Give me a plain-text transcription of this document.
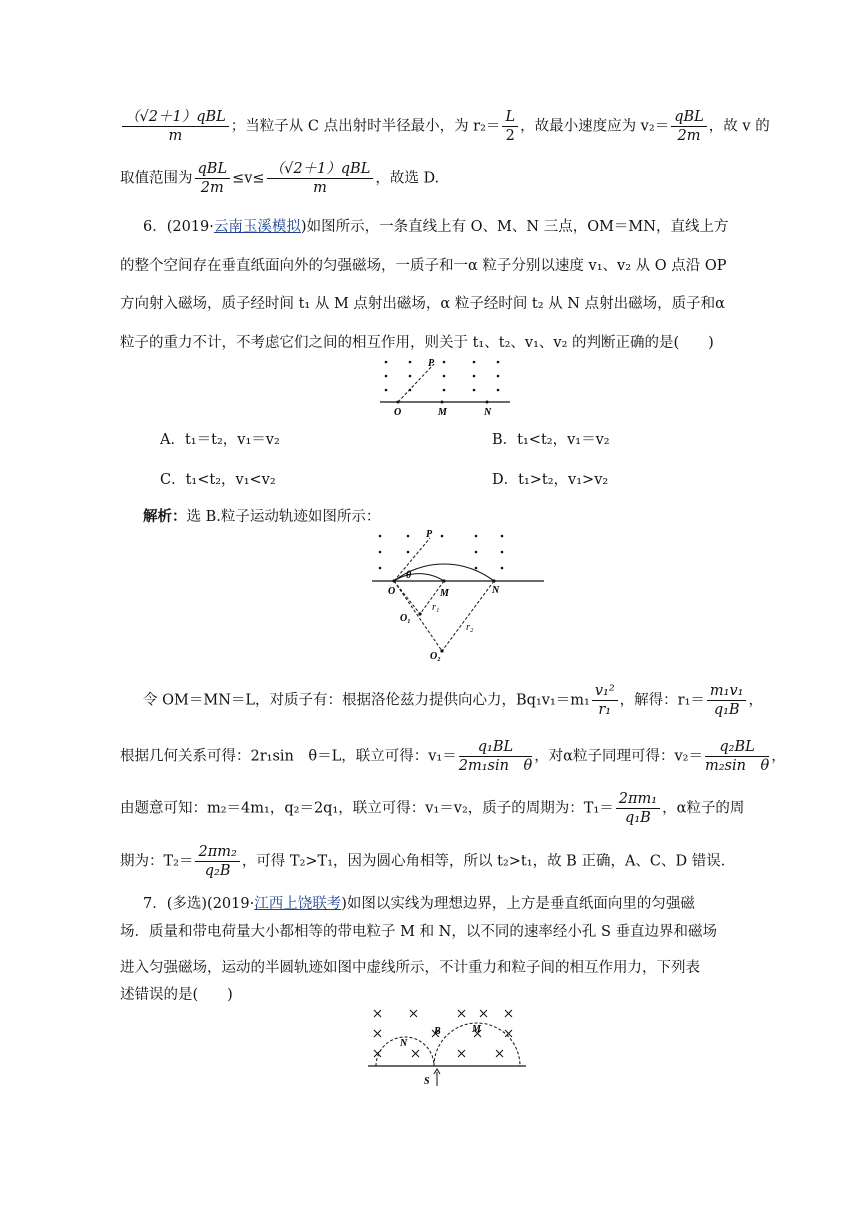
$\frac{\text{（√2＋1）qBL}}{m}$ ；当粒子从 C 点出射时半径最小，为 $r_2= \frac{L}{2}$ ，故最小速度应为 $v_2= \frac{\text{qBL}}{2m}$ ，故 v 的
取值范围为 $\frac{\text{qBL}}{2m} \le v\le \frac{\text{（√2＋1）qBL}}{m}$ ，故选 D.
6．(2019·云南玉溪模拟)如图所示，一条直线上有 O、M、N 三点，OM＝MN，直线上方
的整个空间存在垂直纸面向外的匀强磁场，一质子和一α 粒子分别以速度 v₁、v₂ 从 O 点沿 OP
方向射入磁场，质子经时间 t₁ 从 M 点射出磁场，α 粒子经时间 t₂ 从 N 点射出磁场，质子和α
粒子的重力不计，不考虑它们之间的相互作用，则关于 t₁、t₂、v₁、v₂ 的判断正确的是(　　)
P
O	M	N
A．t₁＝t₂，v₁＝v₂	B．t₁<t₂，v₁＝v₂
C．t₁<t₂，v₁<v₂	D．t₁>t₂，v₁>v₂
解析：选 B.粒子运动轨迹如图所示：
P
θ
O	M	N
O₁
O₂
r₁
r₂
令 OM＝MN＝L，对质子有：根据洛伦兹力提供向心力，$Bq_1v_1=m_1 \frac{\text{v₁²}}{\text{r₁}}$ ，解得：$r_1= \frac{\text{m₁v₁}}{\text{q₁B}}$ ，
根据几何关系可得：2r₁sin　θ＝L，联立可得：$v_1= \frac{\text{q₁BL}}{\text{2m₁sin　θ}}$ ，对α粒子同理可得：$v_2= \frac{\text{q₂BL}}{\text{m₂sin　θ}}$ ，
由题意可知：m₂＝4m₁，q₂＝2q₁，联立可得：v₁＝v₂，质子的周期为：$T_1= \frac{\text{2πm₁}}{\text{q₁B}}$ ，α粒子的周
期为：$T_2= \frac{\text{2πm₂}}{\text{q₂B}}$ ，可得 T₂>T₁，因为圆心角相等，所以 t₂>t₁，故 B 正确，A、C、D 错误.
7．(多选)(2019·江西上饶联考)如图以实线为理想边界，上方是垂直纸面向里的匀强磁
场．质量和带电荷量大小都相等的带电粒子 M 和 N，以不同的速率经小孔 S 垂直边界和磁场
进入匀强磁场，运动的半圆轨迹如图中虚线所示，不计重力和粒子间的相互作用力，下列表
述错误的是(　　)
N
B	M
S
